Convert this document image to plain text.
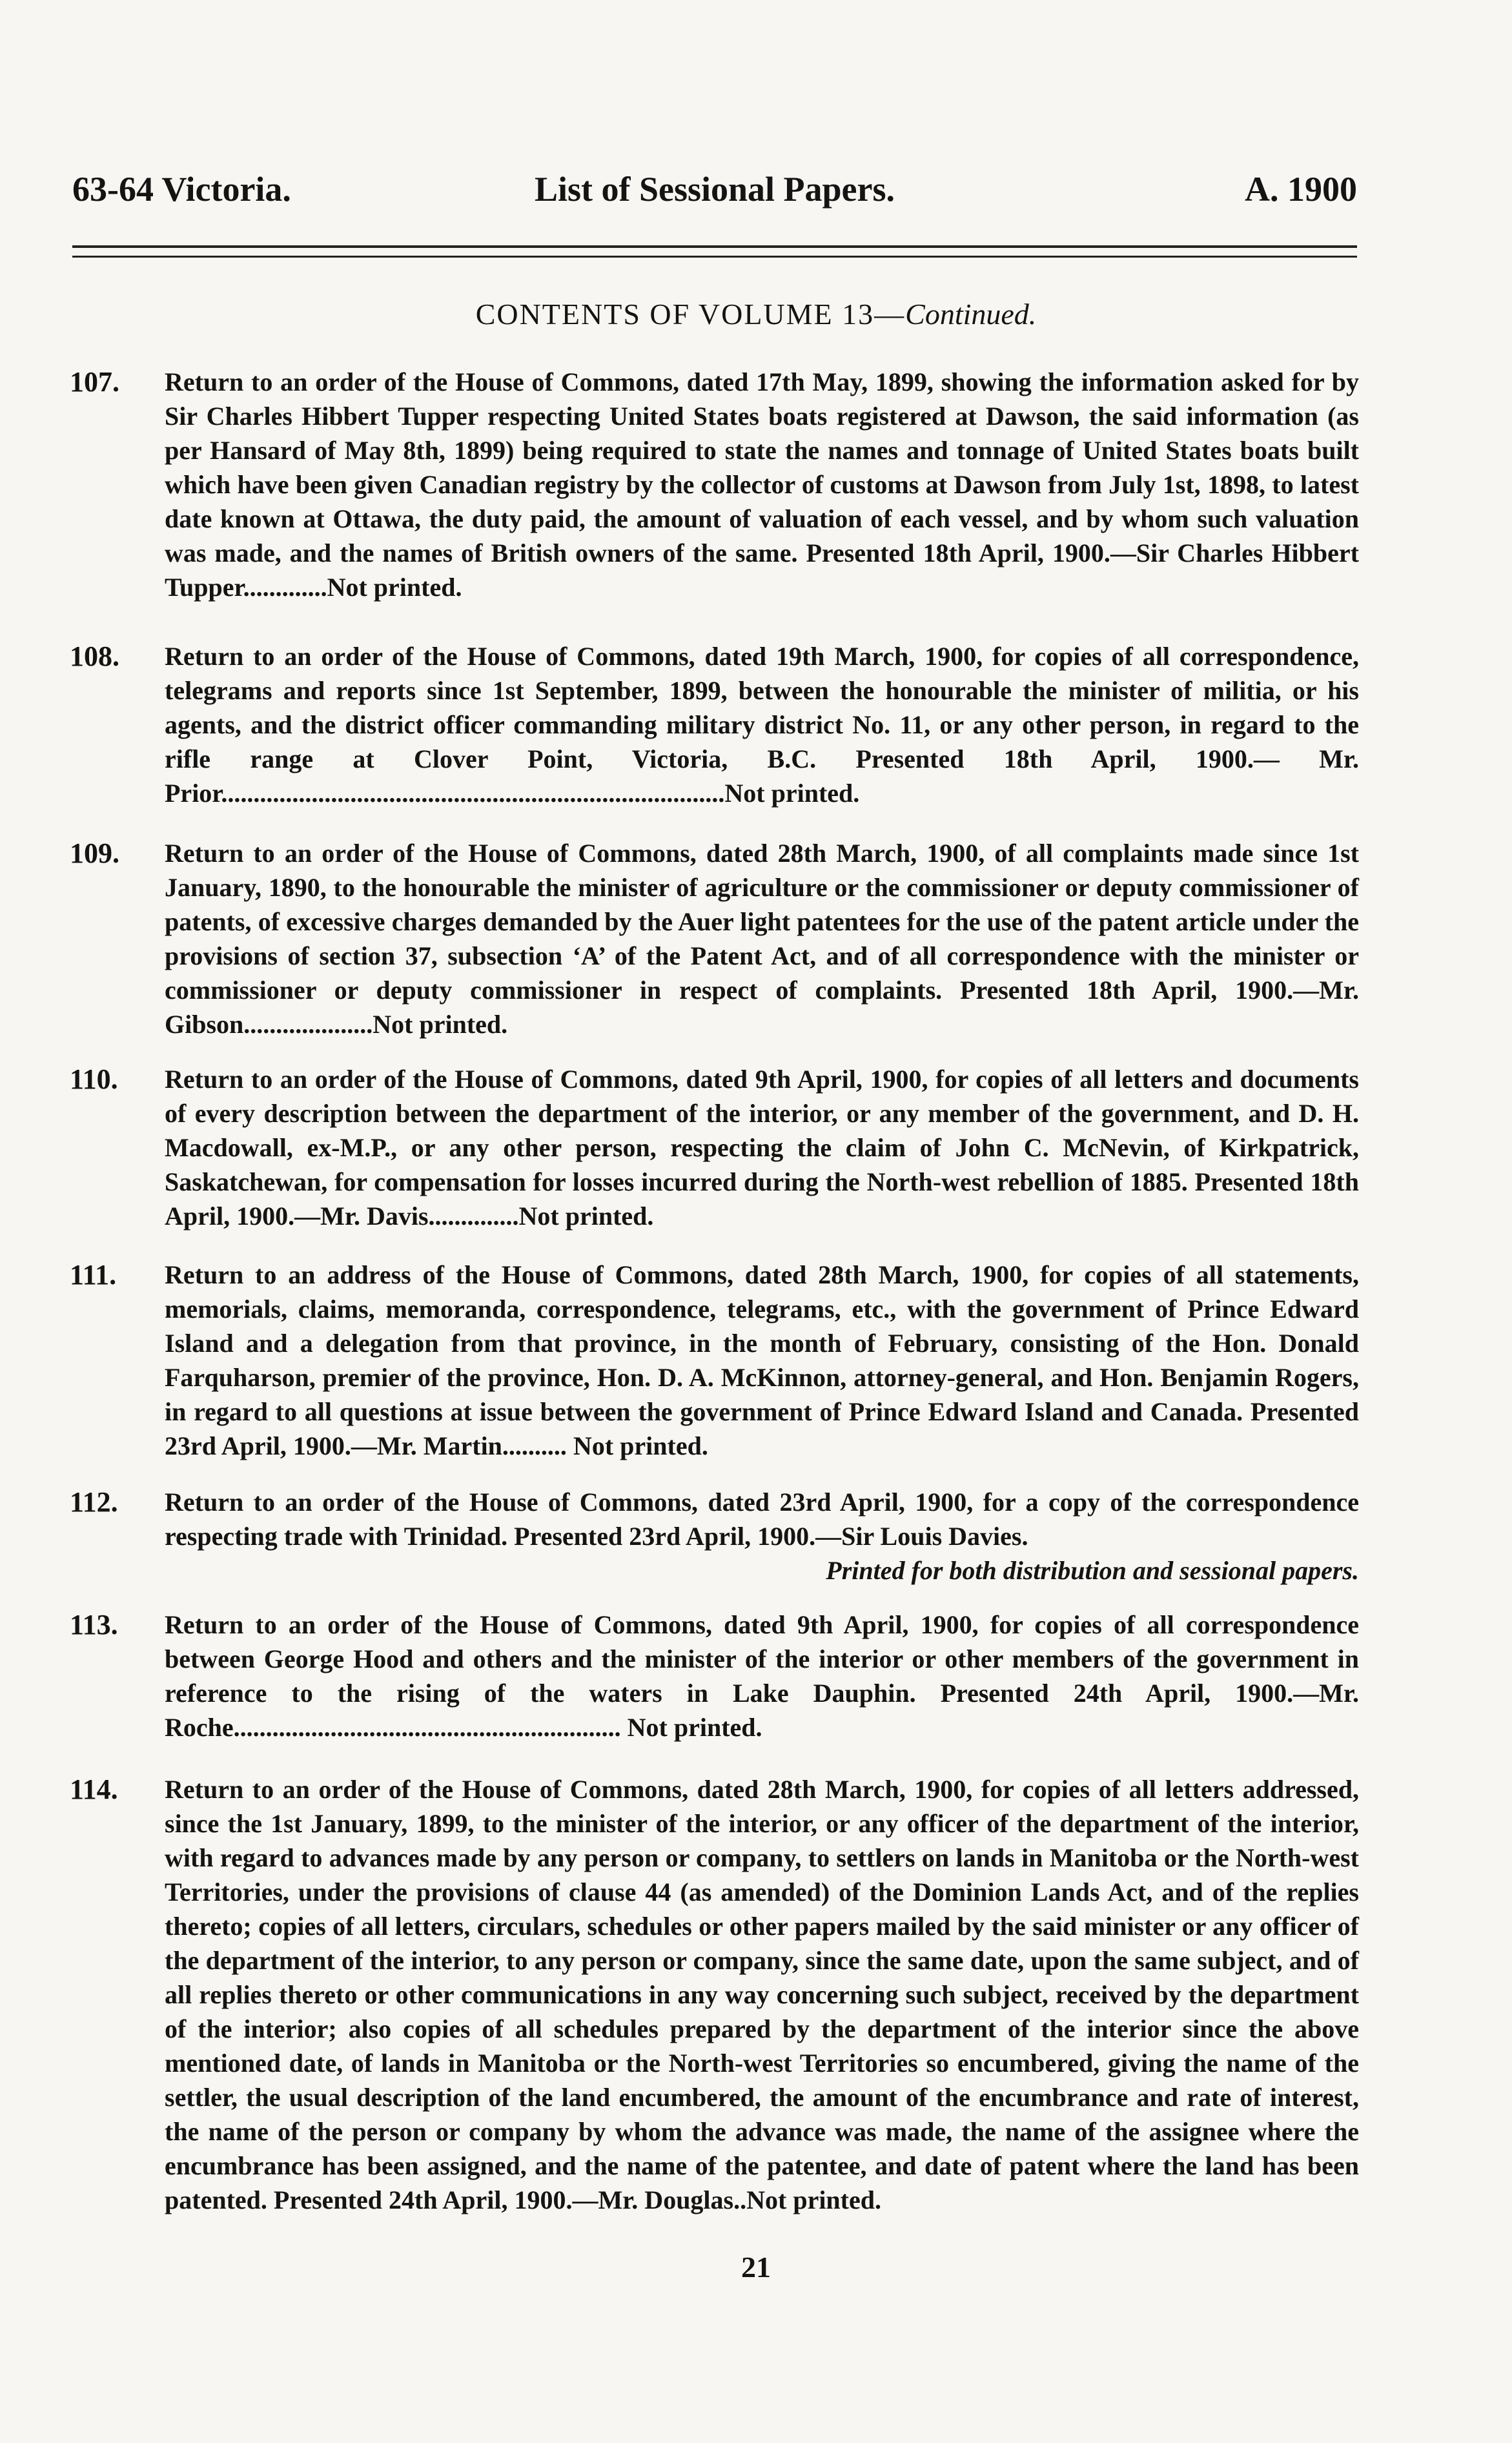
63-64 Victoria.	List of Sessional Papers.	A. 1900
CONTENTS OF VOLUME 13—Continued.
107. Return to an order of the House of Commons, dated 17th May, 1899, showing the information asked for by Sir Charles Hibbert Tupper respecting United States boats registered at Dawson, the said information (as per Hansard of May 8th, 1899) being required to state the names and tonnage of United States boats built which have been given Canadian registry by the collector of customs at Dawson from July 1st, 1898, to latest date known at Ottawa, the duty paid, the amount of valuation of each vessel, and by whom such valuation was made, and the names of British owners of the same. Presented 18th April, 1900.—Sir Charles Hibbert Tupper.............Not printed.
108. Return to an order of the House of Commons, dated 19th March, 1900, for copies of all correspondence, telegrams and reports since 1st September, 1899, between the honourable the minister of militia, or his agents, and the district officer commanding military district No. 11, or any other person, in regard to the rifle range at Clover Point, Victoria, B.C. Presented 18th April, 1900.— Mr. Prior..............................................................................Not printed.
109. Return to an order of the House of Commons, dated 28th March, 1900, of all complaints made since 1st January, 1890, to the honourable the minister of agriculture or the commissioner or deputy commissioner of patents, of excessive charges demanded by the Auer light patentees for the use of the patent article under the provisions of section 37, subsection ‘A’ of the Patent Act, and of all correspondence with the minister or commissioner or deputy commissioner in respect of complaints. Presented 18th April, 1900.—Mr. Gibson....................Not printed.
110. Return to an order of the House of Commons, dated 9th April, 1900, for copies of all letters and documents of every description between the department of the interior, or any member of the government, and D. H. Macdowall, ex-M.P., or any other person, respecting the claim of John C. McNevin, of Kirkpatrick, Saskatchewan, for compensation for losses incurred during the North-west rebellion of 1885. Presented 18th April, 1900.—Mr. Davis..............Not printed.
111. Return to an address of the House of Commons, dated 28th March, 1900, for copies of all statements, memorials, claims, memoranda, correspondence, telegrams, etc., with the government of Prince Edward Island and a delegation from that province, in the month of February, consisting of the Hon. Donald Farquharson, premier of the province, Hon. D. A. McKinnon, attorney-general, and Hon. Benjamin Rogers, in regard to all questions at issue between the government of Prince Edward Island and Canada. Presented 23rd April, 1900.—Mr. Martin.......... Not printed.
112. Return to an order of the House of Commons, dated 23rd April, 1900, for a copy of the correspondence respecting trade with Trinidad. Presented 23rd April, 1900.—Sir Louis Davies.
Printed for both distribution and sessional papers.
113. Return to an order of the House of Commons, dated 9th April, 1900, for copies of all correspondence between George Hood and others and the minister of the interior or other members of the government in reference to the rising of the waters in Lake Dauphin. Presented 24th April, 1900.—Mr. Roche............................................................ Not printed.
114. Return to an order of the House of Commons, dated 28th March, 1900, for copies of all letters addressed, since the 1st January, 1899, to the minister of the interior, or any officer of the department of the interior, with regard to advances made by any person or company, to settlers on lands in Manitoba or the North-west Territories, under the provisions of clause 44 (as amended) of the Dominion Lands Act, and of the replies thereto; copies of all letters, circulars, schedules or other papers mailed by the said minister or any officer of the department of the interior, to any person or company, since the same date, upon the same subject, and of all replies thereto or other communications in any way concerning such subject, received by the department of the interior; also copies of all schedules prepared by the department of the interior since the above mentioned date, of lands in Manitoba or the North-west Territories so encumbered, giving the name of the settler, the usual description of the land encumbered, the amount of the encumbrance and rate of interest, the name of the person or company by whom the advance was made, the name of the assignee where the encumbrance has been assigned, and the name of the patentee, and date of patent where the land has been patented. Presented 24th April, 1900.—Mr. Douglas..Not printed.
21
